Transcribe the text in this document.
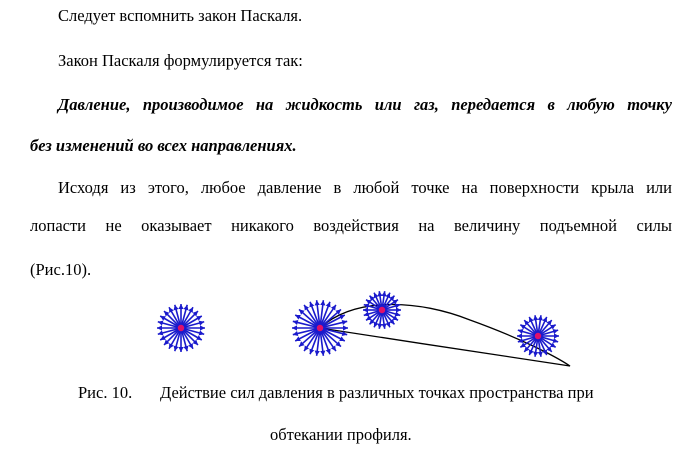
Следует вспомнить закон Паскаля.
Закон Паскаля формулируется так:
Давление, производимое на жидкость или газ, передается в любую точку
без изменений во всех направлениях.
Исходя из этого, любое давление в любой точке на поверхности крыла или
лопасти не оказывает никакого воздействия на величину подъемной силы
(Рис.10).
Рис. 10. Действие сил давления в различных точках пространства при
обтекании профиля.
